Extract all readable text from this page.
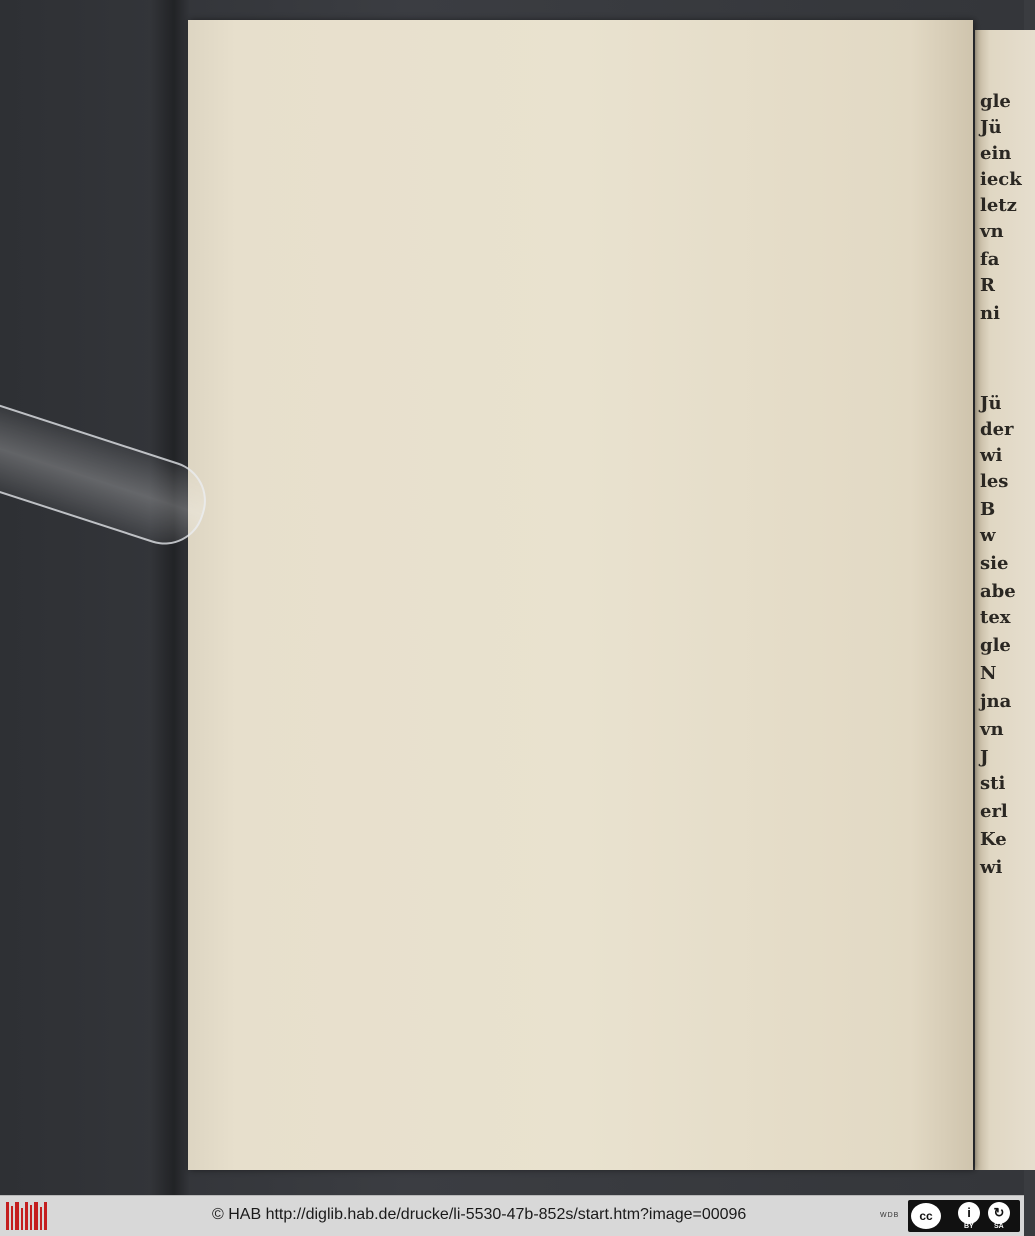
gle
Jü
ein
ieck
letz
vn
fa
R
ni
Jü
der
wi
les
B
w
sie
abe
tex
gle
N
jna
vn
J
sti
erl
Ke
wi
© HAB http://diglib.hab.de/drucke/li-5530-47b-852s/start.htm?image=00096	WDB	cc	i	↻
BY	SA
